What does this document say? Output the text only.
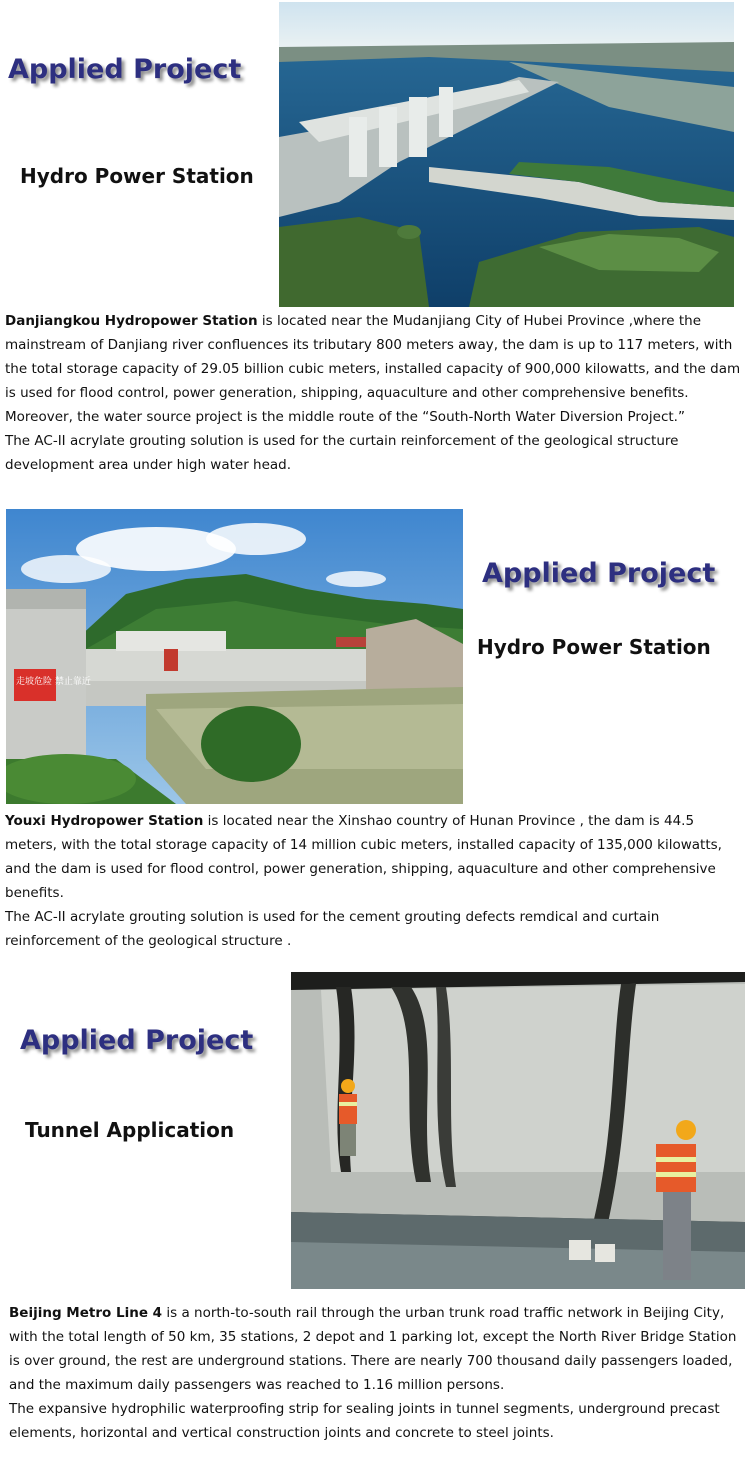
Applied Project
Hydro Power Station

Danjiangkou Hydropower Station is located near the Mudanjiang City of Hubei Province ,where the mainstream of Danjiang river confluences its tributary 800 meters away, the dam is up to 117 meters, with the total storage capacity of 29.05 billion cubic meters, installed capacity of 900,000 kilowatts, and the dam is used for flood control, power generation, shipping, aquaculture and other comprehensive benefits. Moreover, the water source project is the middle route of the “South-North Water Diversion Project.”

The AC-II acrylate grouting solution is used for the curtain reinforcement of the geological structure development area under high water head.

走坡危险 禁止靠近
Applied Project
Hydro Power Station

Youxi Hydropower Station is located near the Xinshao country of Hunan Province , the dam is 44.5 meters, with the total storage capacity of 14 million cubic meters, installed capacity of 135,000 kilowatts, and the dam is used for flood control, power generation, shipping, aquaculture and other comprehensive benefits.

The AC-II acrylate grouting solution is used for the cement grouting defects remdical and curtain reinforcement of the geological structure .

Applied Project
Tunnel Application

Beijing Metro Line 4 is a north-to-south rail through the urban trunk road traffic network in Beijing City, with the total length of 50 km, 35 stations, 2 depot and 1 parking lot, except the North River Bridge Station is over ground, the rest are underground stations. There are nearly 700 thousand daily passengers loaded, and the maximum daily passengers was reached to 1.16 million persons.

The expansive hydrophilic waterproofing strip for sealing joints in tunnel segments, underground precast elements, horizontal and vertical construction joints and concrete to steel joints.
